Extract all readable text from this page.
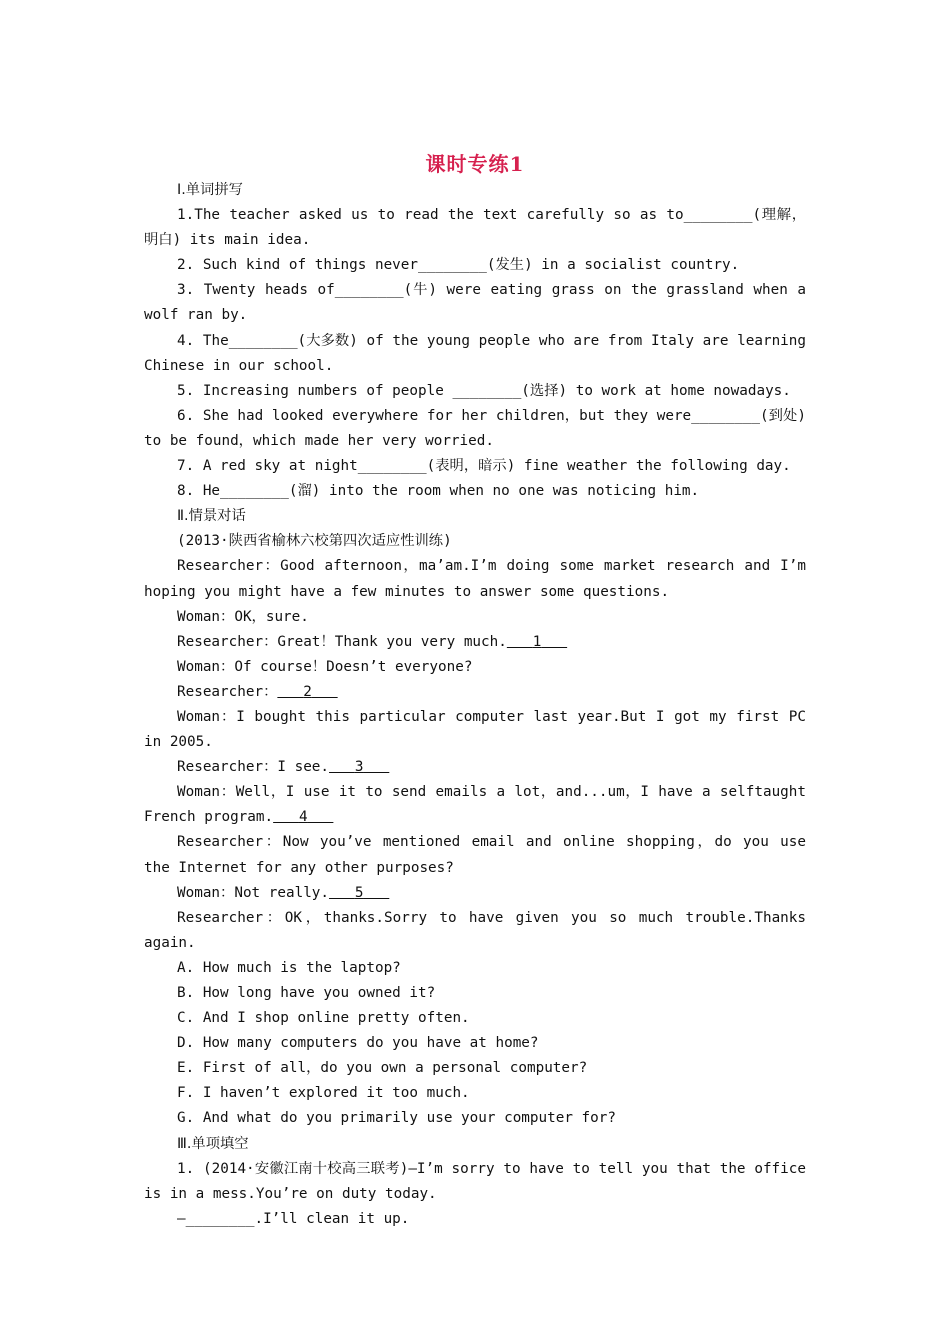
课时专练1
Ⅰ.单词拼写
1.The teacher asked us to read the text carefully so as to________(理解，明白) its main idea.
2. Such kind of things never________(发生) in a socialist country.
3. Twenty heads of________(牛) were eating grass on the grassland when a wolf ran by.
4. The________(大多数) of the young people who are from Italy are learning Chinese in our school.
5. Increasing numbers of people ________(选择) to work at home nowadays.
6. She had looked everywhere for her children，but they were________(到处) to be found，which made her very worried.
7. A red sky at night________(表明，暗示) fine weather the following day.
8. He________(溜) into the room when no one was noticing him.
Ⅱ.情景对话
(2013·陕西省榆林六校第四次适应性训练)
Researcher：Good afternoon，ma’am.I’m doing some market research and I’m hoping you might have a few minutes to answer some questions.
Woman：OK，sure.
Researcher：Great！Thank you very much. 1
Woman：Of course！Doesn’t everyone?
Researcher： 2
Woman：I bought this particular computer last year.But I got my first PC in 2005.
Researcher：I see. 3
Woman：Well，I use it to send emails a lot，and...um，I have a selftaught French program. 4
Researcher：Now you’ve mentioned email and online shopping，do you use the Internet for any other purposes?
Woman：Not really. 5
Researcher：OK，thanks.Sorry to have given you so much trouble.Thanks again.
A. How much is the laptop?
B. How long have you owned it?
C. And I shop online pretty often.
D. How many computers do you have at home?
E. First of all，do you own a personal computer?
F. I haven’t explored it too much.
G. And what do you primarily use your computer for?
Ⅲ.单项填空
1. (2014·安徽江南十校高三联考)—I’m sorry to have to tell you that the office is in a mess.You’re on duty today.
—________.I’ll clean it up.
